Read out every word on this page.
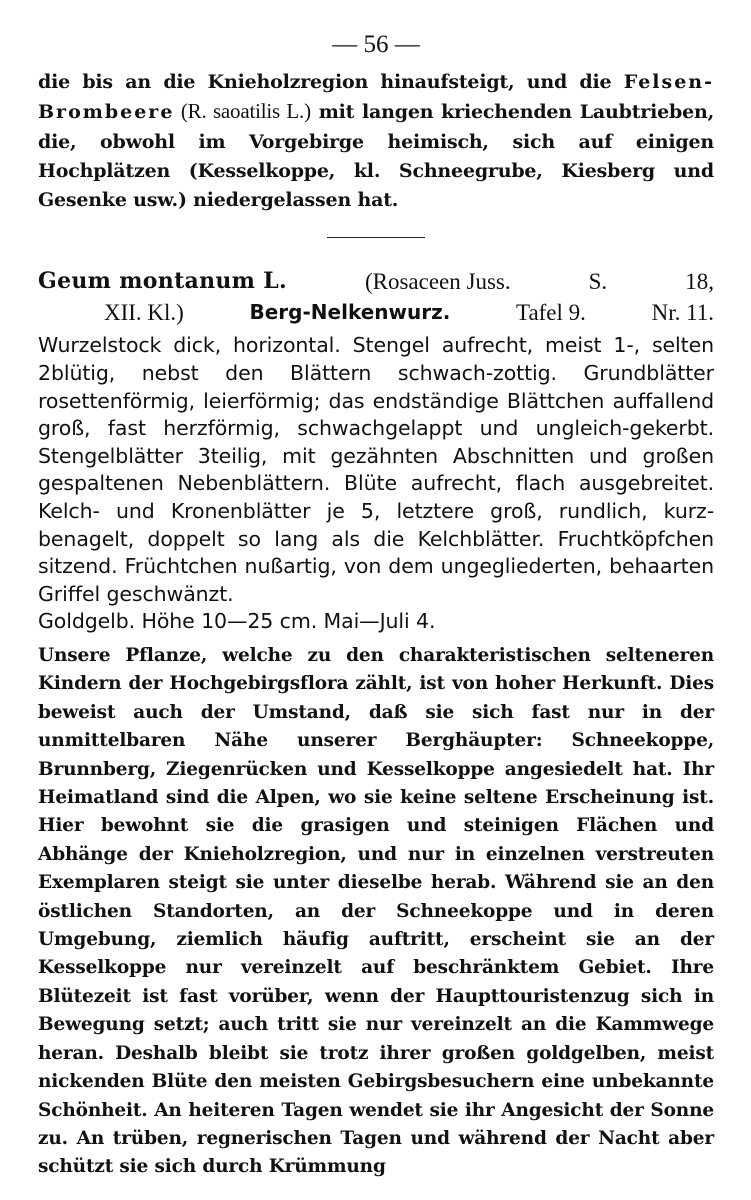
— 56 —

die bis an die Knieholzregion hinaufsteigt, und die Felsen-Brombeere (R. saoatilis L.) mit langen kriechenden Laubtrieben, die, obwohl im Vorgebirge heimisch, sich auf einigen Hochplätzen (Kesselkoppe, kl. Schneegrube, Kiesberg und Gesenke usw.) niedergelassen hat.

Geum montanum L.	(Rosaceen Juss.	S.	18,
XII. Kl.)	Berg-Nelkenwurz.	Tafel 9.	Nr. 11.

Wurzelstock dick, horizontal. Stengel aufrecht, meist 1-, selten 2blütig, nebst den Blättern schwach-zottig. Grundblätter rosettenförmig, leierförmig; das endständige Blättchen auffallend groß, fast herzförmig, schwachgelappt und ungleich-gekerbt. Stengelblätter 3teilig, mit gezähnten Abschnitten und großen gespaltenen Nebenblättern. Blüte aufrecht, flach ausgebreitet. Kelch- und Kronenblätter je 5, letztere groß, rundlich, kurz-benagelt, doppelt so lang als die Kelchblätter. Fruchtköpfchen sitzend. Früchtchen nußartig, von dem ungegliederten, behaarten Griffel geschwänzt.
Goldgelb. Höhe 10—25 cm. Mai—Juli 4.

Unsere Pflanze, welche zu den charakteristischen selteneren Kindern der Hochgebirgsflora zählt, ist von hoher Herkunft. Dies beweist auch der Umstand, daß sie sich fast nur in der unmittelbaren Nähe unserer Berghäupter: Schneekoppe, Brunnberg, Ziegenrücken und Kesselkoppe angesiedelt hat. Ihr Heimatland sind die Alpen, wo sie keine seltene Erscheinung ist. Hier bewohnt sie die grasigen und steinigen Flächen und Abhänge der Knieholzregion, und nur in einzelnen verstreuten Exemplaren steigt sie unter dieselbe herab. Während sie an den östlichen Standorten, an der Schneekoppe und in deren Umgebung, ziemlich häufig auftritt, erscheint sie an der Kesselkoppe nur vereinzelt auf beschränktem Gebiet. Ihre Blütezeit ist fast vorüber, wenn der Haupttouristenzug sich in Bewegung setzt; auch tritt sie nur vereinzelt an die Kammwege heran. Deshalb bleibt sie trotz ihrer großen goldgelben, meist nickenden Blüte den meisten Gebirgsbesuchern eine unbekannte Schönheit. An heiteren Tagen wendet sie ihr Angesicht der Sonne zu. An trüben, regnerischen Tagen und während der Nacht aber schützt sie sich durch Krümmung
